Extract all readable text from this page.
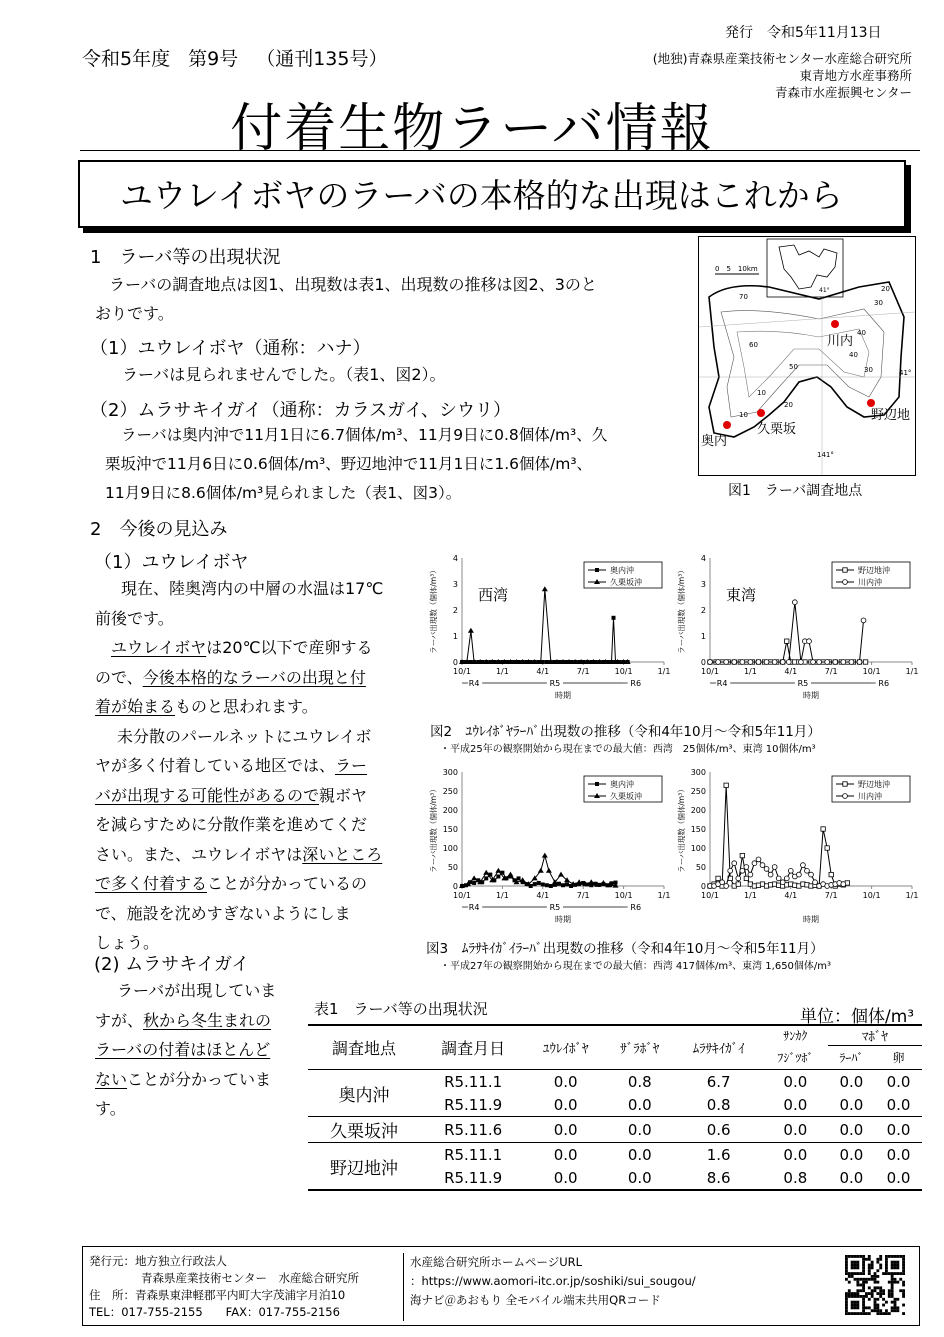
令和5年度 第9号 （通刊135号）
発行　令和5年11月13日
(地独)青森県産業技術センター水産総合研究所
東青地方水産事務所
青森市水産振興センター
付着生物ラーバ情報
ユウレイボヤのラーバの本格的な出現はこれから
1　ラーバ等の出現状況

ラーバの調査地点は図1、出現数は表1、出現数の推移は図2、3のと

おりです。

（1）ユウレイボヤ（通称：ハナ）
ラーバは見られませんでした。（表1、図2）。
（2）ムラサキイガイ（通称：カラスガイ、シウリ）

ラーバは奥内沖で11月1日に6.7個体/m³、11月9日に0.8個体/m³、久

栗坂沖で11月6日に0.6個体/m³、野辺地沖で11月1日に1.6個体/m³、

11月9日に8.6個体/m³見られました（表1、図3）。

41°
0　5　10km
70
60
50
40
30
20
10
40
30
20
10
41°
141°
川内
久栗坂
奥内
野辺地
図1　ラーバ調査地点
2　今後の見込み
（1）ユウレイボヤ

現在、陸奥湾内の中層の水温は17℃

前後です。

ユウレイボヤは20℃以下で産卵する

ので、今後本格的なラーバの出現と付

着が始まるものと思われます。

未分散のパールネットにユウレイボ

ヤが多く付着している地区では、ラー

バが出現する可能性があるので親ボヤ

を減らすために分散作業を進めてくだ

さい。また、ユウレイボヤは深いところ

で多く付着することが分かっているの

で、施設を沈めすぎないようにしま

しょう。

(2) ムラサキイガイ

ラーバが出現していま

すが、秋から冬生まれの

ラーバの付着はほとんど

ないことが分かっていま

す。

0
1
2
3
4
10/1	1/1	4/1	7/1	10/1	1/1
R4	R5	R6
時期
ラーバ出現数（個体/m³）	西湾
奥内沖
久栗坂沖
0
1
2
3
4
10/1	1/1	4/1	7/1	10/1	1/1
R4	R5	R6
時期
ラーバ出現数（個体/m³）	東湾
野辺地沖
川内沖
図2　ﾕｳﾚｲﾎﾞﾔﾗｰﾊﾞ出現数の推移（令和4年10月～令和5年11月）
・平成25年の観察開始から現在までの最大値：西湾　25個体/m³、東湾 10個体/m³
0
50
100
150
200
250
300
10/1	1/1	4/1	7/1	10/1	1/1
R4	R5	R6
時期
ラーバ出現数（個体/m³）
奥内沖
久栗坂沖
0
50
100
150
200
250
300
10/1	1/1	4/1	7/1	10/1	1/1
時期
ラーバ出現数（個体/m³）
野辺地沖
川内沖
図3　ﾑﾗｻｷｲｶﾞｲﾗｰﾊﾞ出現数の推移（令和4年10月～令和5年11月）
・平成27年の観察開始から現在までの最大値：西湾 417個体/m³、東湾 1,650個体/m³
表1　ラーバ等の出現状況	単位：個体/m³
調査地点	調査月日	ﾕｳﾚｲﾎﾞﾔ	ｻﾞﾗﾎﾞﾔ	ﾑﾗｻｷｲｶﾞｲ	ｻﾝｶｸ	ﾏﾎﾞﾔ	
					ﾌｼﾞﾂﾎﾞ	ﾗｰﾊﾞ	卵
奥内沖	R5.11.1	0.0	0.8	6.7	0.0	0.0	0.0
	R5.11.9	0.0	0.0	0.8	0.0	0.0	0.0
久栗坂沖	R5.11.6	0.0	0.0	0.6	0.0	0.0	0.0
野辺地沖	R5.11.1	0.0	0.0	1.6	0.0	0.0	0.0
	R5.11.9	0.0	0.0	8.6	0.8	0.0	0.0
発行元：地方独立行政法人
青森県産業技術センター　水産総合研究所
住　所：青森県東津軽郡平内町大字茂浦字月泊10
TEL：017-755-2155　　FAX：017-755-2156
水産総合研究所ホームページURL
：https://www.aomori-itc.or.jp/soshiki/sui_sougou/
海ナビ＠あおもり 全モバイル端末共用QRコード
